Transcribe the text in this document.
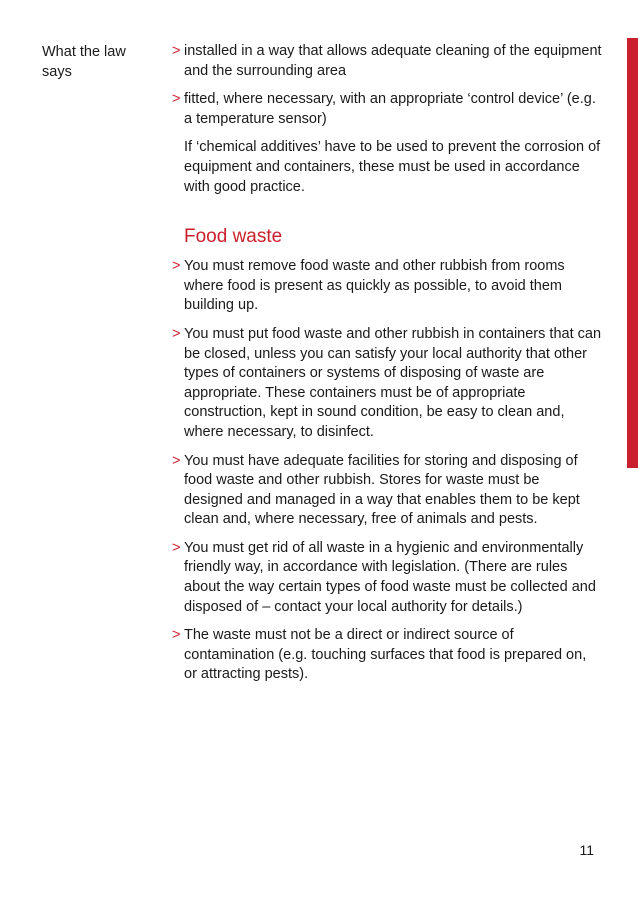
What the law says
> installed in a way that allows adequate cleaning of the equipment and the surrounding area
> fitted, where necessary, with an appropriate ‘control device’ (e.g. a temperature sensor)
If ‘chemical additives’ have to be used to prevent the corrosion of equipment and containers, these must be used in accordance with good practice.
Food waste
> You must remove food waste and other rubbish from rooms where food is present as quickly as possible, to avoid them building up.
> You must put food waste and other rubbish in containers that can be closed, unless you can satisfy your local authority that other types of containers or systems of disposing of waste are appropriate. These containers must be of appropriate construction, kept in sound condition, be easy to clean and, where necessary, to disinfect.
> You must have adequate facilities for storing and disposing of food waste and other rubbish. Stores for waste must be designed and managed in a way that enables them to be kept clean and, where necessary, free of animals and pests.
> You must get rid of all waste in a hygienic and environmentally friendly way, in accordance with legislation. (There are rules about the way certain types of food waste must be collected and disposed of – contact your local authority for details.)
> The waste must not be a direct or indirect source of contamination (e.g. touching surfaces that food is prepared on, or attracting pests).
11
